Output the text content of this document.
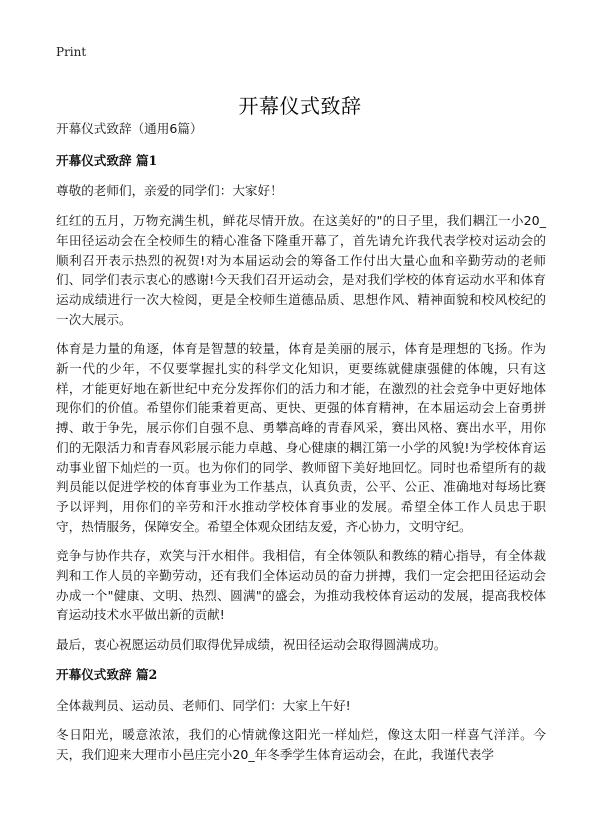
Print
开幕仪式致辞

开幕仪式致辞（通用6篇）

开幕仪式致辞 篇1

尊敬的老师们，亲爱的同学们：大家好！

红红的五月，万物充满生机，鲜花尽情开放。在这美好的"的日子里，我们耦江一小20_年田径运动会在全校师生的精心准备下隆重开幕了，首先请允许我代表学校对运动会的顺利召开表示热烈的祝贺!对为本届运动会的筹备工作付出大量心血和辛勤劳动的老师们、同学们表示衷心的感谢!今天我们召开运动会，是对我们学校的体育运动水平和体育运动成绩进行一次大检阅，更是全校师生道德品质、思想作风、精神面貌和校风校纪的一次大展示。

体育是力量的角逐，体育是智慧的较量，体育是美丽的展示，体育是理想的飞扬。作为新一代的少年，不仅要掌握扎实的科学文化知识，更要练就健康强健的体魄，只有这样，才能更好地在新世纪中充分发挥你们的活力和才能，在激烈的社会竞争中更好地体现你们的价值。希望你们能秉着更高、更快、更强的体育精神，在本届运动会上奋勇拼搏、敢于争先，展示你们自强不息、勇攀高峰的青春风采，赛出风格、赛出水平，用你们的无限活力和青春风彩展示能力卓越、身心健康的耦江第一小学的风貌!为学校体育运动事业留下灿烂的一页。也为你们的同学、教师留下美好地回忆。同时也希望所有的裁判员能以促进学校的体育事业为工作基点，认真负责，公平、公正、准确地对每场比赛予以评判，用你们的辛劳和汗水推动学校体育事业的发展。希望全体工作人员忠于职守，热情服务，保障安全。希望全体观众团结友爱，齐心协力，文明守纪。

竞争与协作共存，欢笑与汗水相伴。我相信，有全体领队和教练的精心指导，有全体裁判和工作人员的辛勤劳动，还有我们全体运动员的奋力拼搏，我们一定会把田径运动会办成一个"健康、文明、热烈、圆满"的盛会，为推动我校体育运动的发展，提高我校体育运动技术水平做出新的贡献!

最后，衷心祝愿运动员们取得优异成绩，祝田径运动会取得圆满成功。

开幕仪式致辞 篇2

全体裁判员、运动员、老师们、同学们：大家上午好!

冬日阳光，暖意浓浓，我们的心情就像这阳光一样灿烂，像这太阳一样喜气洋洋。今天，我们迎来大理市小邑庄完小20_年冬季学生体育运动会，在此，我谨代表学
